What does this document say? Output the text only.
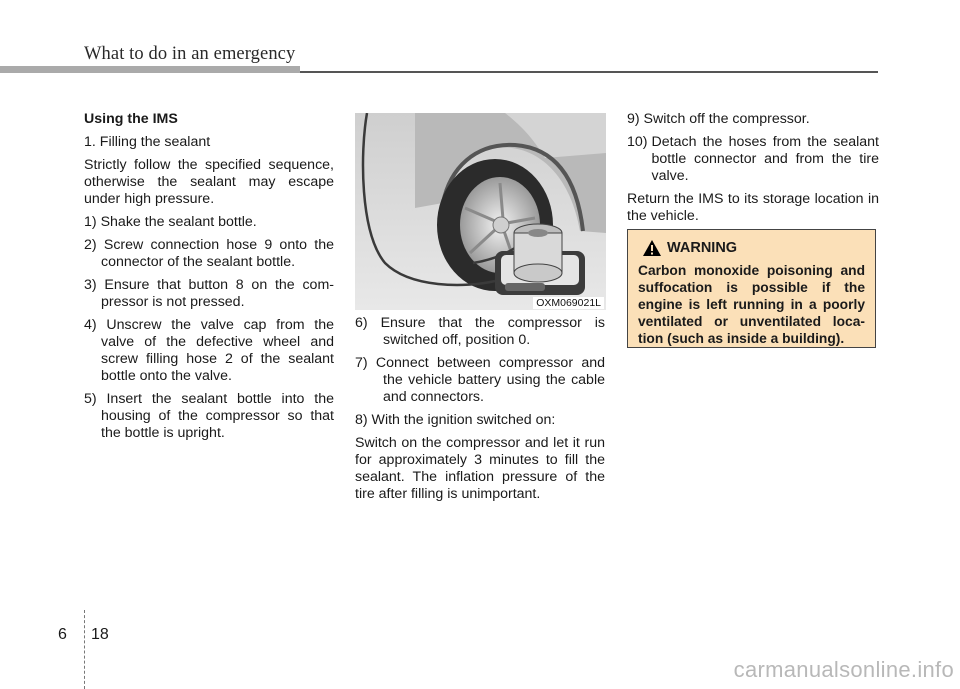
What to do in an emergency

Using the IMS

1. Filling the sealant

Strictly follow the specified sequence, otherwise the sealant may escape under high pressure.

1) Shake the sealant bottle.
2) Screw connection hose 9 onto the connector of the sealant bottle.
3) Ensure that button 8 on the com-pressor is not pressed.
4) Unscrew the valve cap from the valve of the defective wheel and screw filling hose 2 of the sealant bottle onto the valve.
5) Insert the sealant bottle into the housing of the compressor so that the bottle is upright.
OXM069021L
6) Ensure that the compressor is switched off, position 0.
7) Connect between compressor and the vehicle battery using the cable and connectors.

8) With the ignition switched on:

Switch on the compressor and let it run for approximately 3 minutes to fill the sealant. The inflation pressure of the tire after filling is unimportant.

9) Switch off the compressor.

10) Detach the hoses from the sealant bottle connector and from the tire valve.

Return the IMS to its storage location in the vehicle.

WARNING
Carbon monoxide poisoning and suffocation is possible if the engine is left running in a poorly ventilated or unventilated loca-tion (such as inside a building).
6 18
carmanualsonline.info
